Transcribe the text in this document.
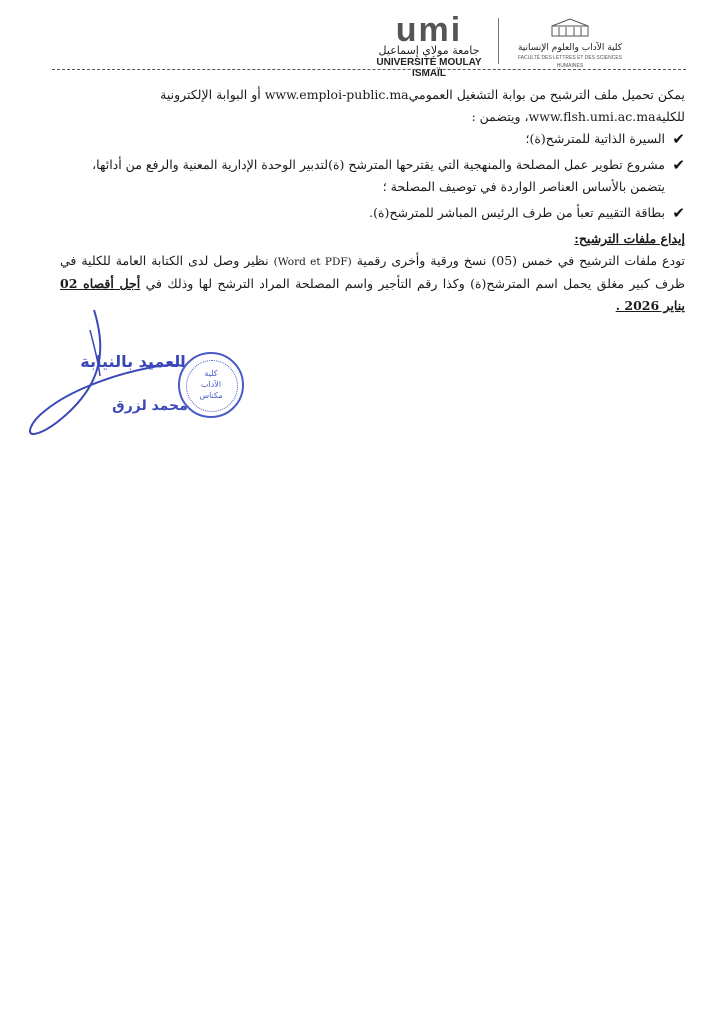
umi
جامعة مولاي إسماعيل
UNIVERSITÉ MOULAY ISMAÏL
كلية الآداب والعلوم الإنسانية
FACULTÉ DES LETTRES ET DES SCIENCES HUMAINES

يمكن تحميل ملف الترشيح من بوابة التشغيل العموميwww.emploi-public.ma أو البوابة الإلكترونية للكليةwww.flsh.umi.ac.ma، ويتضمن :

✔
السيرة الذاتية للمترشح(ة)؛
✔
مشروع تطوير عمل المصلحة والمنهجية التي يقترحها المترشح (ة)لتدبير الوحدة الإدارية المعنية والرفع من أدائها، يتضمن بالأساس العناصر الواردة في توصيف المصلحة ؛
✔
بطاقة التقييم تعبأ من طرف الرئيس المباشر للمترشح(ة).

إيداع ملفات الترشيح:

تودع ملفات الترشيح في خمس (05) نسخ ورقية وأخرى رقمية (Word et PDF) نظير وصل لدى الكتابة العامة للكلية في ظرف كبير مغلق يحمل اسم المترشح(ة) وكذا رقم التأجير واسم المصلحة المراد الترشح لها وذلك في أجل أقصاه 02 يناير 2026 .

العميد بالنيابة
محمد لزرق
كلية
الآداب
مكناس
